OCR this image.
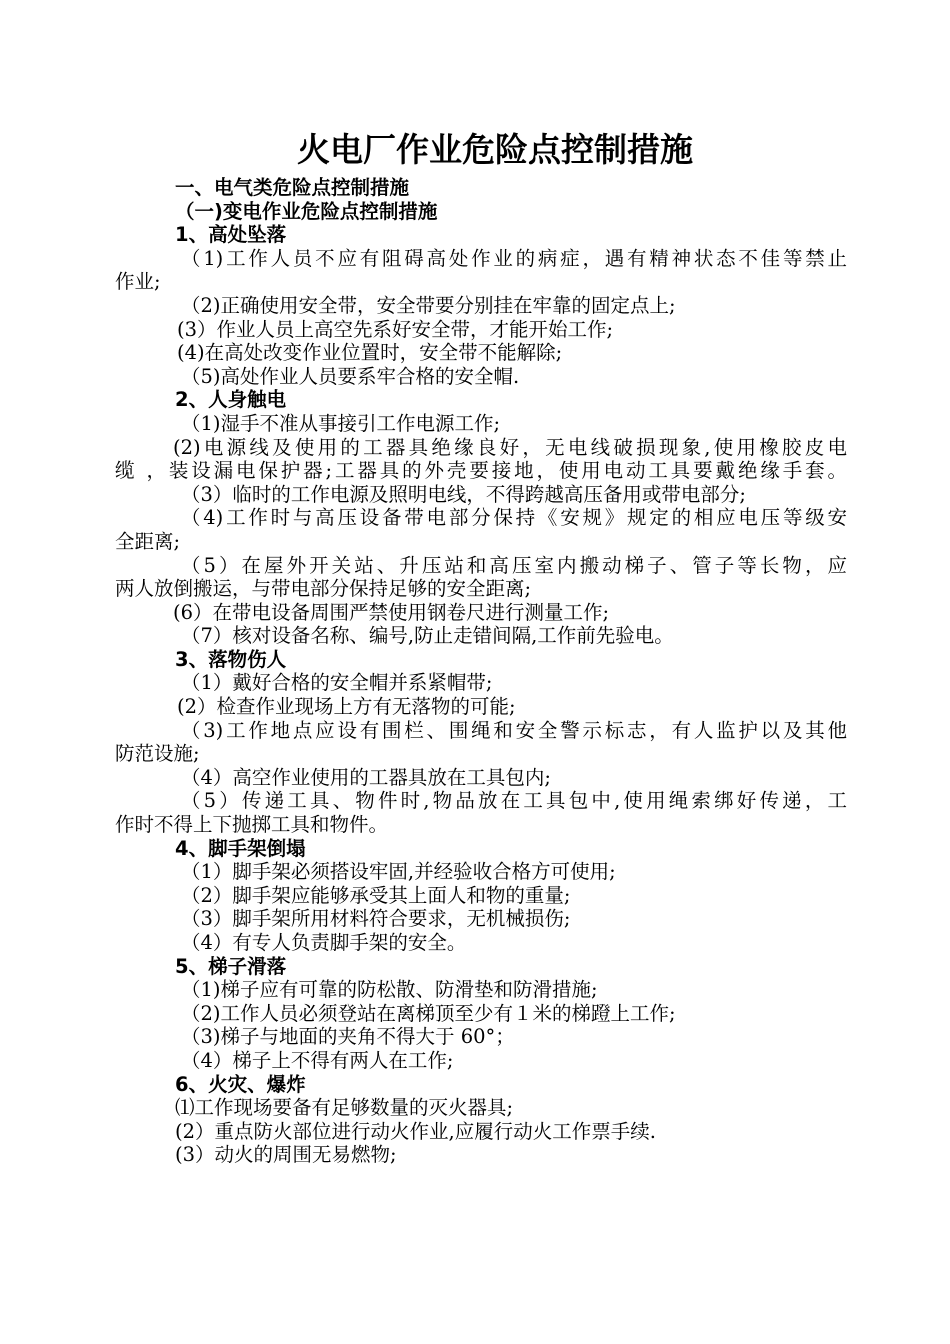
火电厂作业危险点控制措施
一、电气类危险点控制措施
（一)变电作业危险点控制措施
1、高处坠落
（1)工作人员不应有阻碍高处作业的病症，遇有精神状态不佳等禁止
作业;
（2)正确使用安全带，安全带要分别挂在牢靠的固定点上;
(3）作业人员上高空先系好安全带，才能开始工作;
(4)在高处改变作业位置时，安全带不能解除;
（5)高处作业人员要系牢合格的安全帽.
2、人身触电
（1)湿手不准从事接引工作电源工作;
(2)电源线及使用的工器具绝缘良好，无电线破损现象,使用橡胶皮电
缆 ，装设漏电保护器;工器具的外壳要接地，使用电动工具要戴绝缘手套。
（3）临时的工作电源及照明电线，不得跨越高压备用或带电部分;
（4)工作时与高压设备带电部分保持《安规》规定的相应电压等级安
全距离;
（5）在屋外开关站、升压站和高压室内搬动梯子、管子等长物，应
两人放倒搬运，与带电部分保持足够的安全距离;
(6）在带电设备周围严禁使用钢卷尺进行测量工作;
（7）核对设备名称、编号,防止走错间隔,工作前先验电。
3、落物伤人
（1）戴好合格的安全帽并系紧帽带;
(2）检查作业现场上方有无落物的可能;
（3)工作地点应设有围栏、围绳和安全警示标志，有人监护以及其他
防范设施;
（4）高空作业使用的工器具放在工具包内;
（5）传递工具、物件时,物品放在工具包中,使用绳索绑好传递，工
作时不得上下抛掷工具和物件。
4、脚手架倒塌
（1）脚手架必须搭设牢固,并经验收合格方可使用;
（2）脚手架应能够承受其上面人和物的重量;
（3）脚手架所用材料符合要求，无机械损伤;
（4）有专人负责脚手架的安全。
5、梯子滑落
（1)梯子应有可靠的防松散、防滑垫和防滑措施;
（2)工作人员必须登站在离梯顶至少有１米的梯蹬上工作;
（3)梯子与地面的夹角不得大于 60°；
（4）梯子上不得有两人在工作;
6、火灾、爆炸
⑴工作现场要备有足够数量的灭火器具;
(2）重点防火部位进行动火作业,应履行动火工作票手续.
(3）动火的周围无易燃物;
